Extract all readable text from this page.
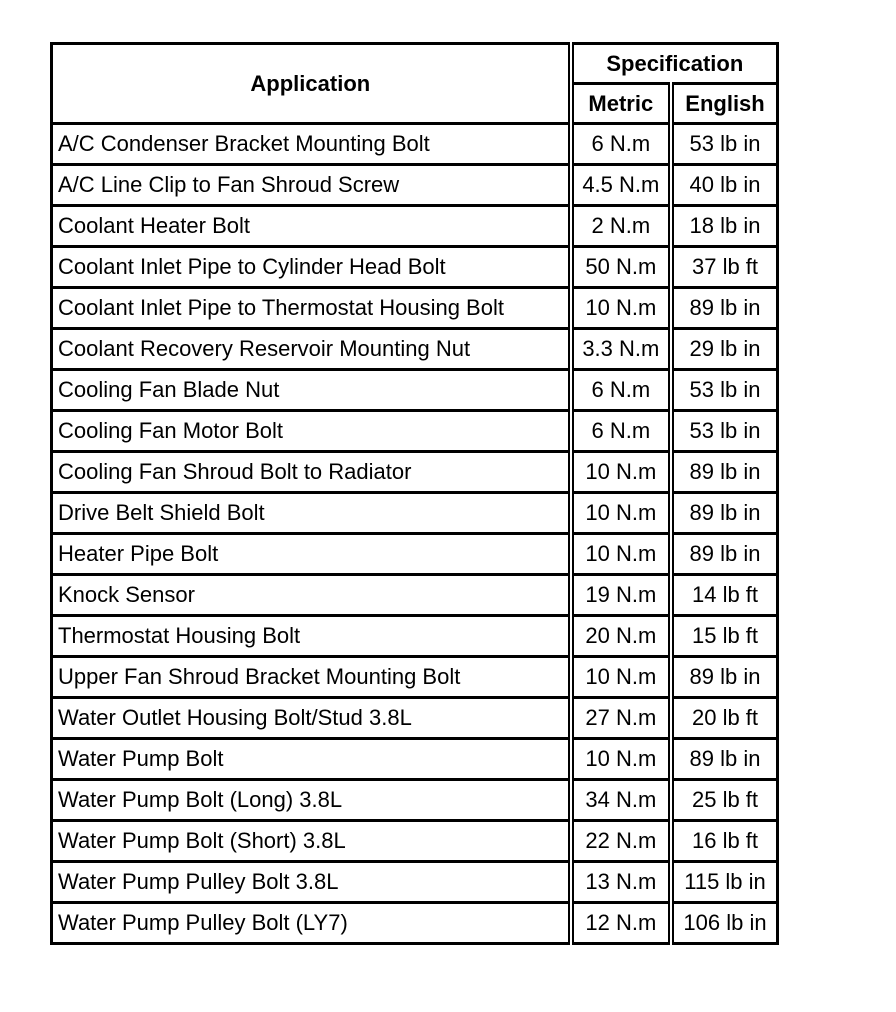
Application	Specification	
	Metric	English
A/C Condenser Bracket Mounting Bolt	6 N.m	53 lb in
A/C Line Clip to Fan Shroud Screw	4.5 N.m	40 lb in
Coolant Heater Bolt	2 N.m	18 lb in
Coolant Inlet Pipe to Cylinder Head Bolt	50 N.m	37 lb ft
Coolant Inlet Pipe to Thermostat Housing Bolt	10 N.m	89 lb in
Coolant Recovery Reservoir Mounting Nut	3.3 N.m	29 lb in
Cooling Fan Blade Nut	6 N.m	53 lb in
Cooling Fan Motor Bolt	6 N.m	53 lb in
Cooling Fan Shroud Bolt to Radiator	10 N.m	89 lb in
Drive Belt Shield Bolt	10 N.m	89 lb in
Heater Pipe Bolt	10 N.m	89 lb in
Knock Sensor	19 N.m	14 lb ft
Thermostat Housing Bolt	20 N.m	15 lb ft
Upper Fan Shroud Bracket Mounting Bolt	10 N.m	89 lb in
Water Outlet Housing Bolt/Stud 3.8L	27 N.m	20 lb ft
Water Pump Bolt	10 N.m	89 lb in
Water Pump Bolt (Long) 3.8L	34 N.m	25 lb ft
Water Pump Bolt (Short) 3.8L	22 N.m	16 lb ft
Water Pump Pulley Bolt 3.8L	13 N.m	115 lb in
Water Pump Pulley Bolt (LY7)	12 N.m	106 lb in
